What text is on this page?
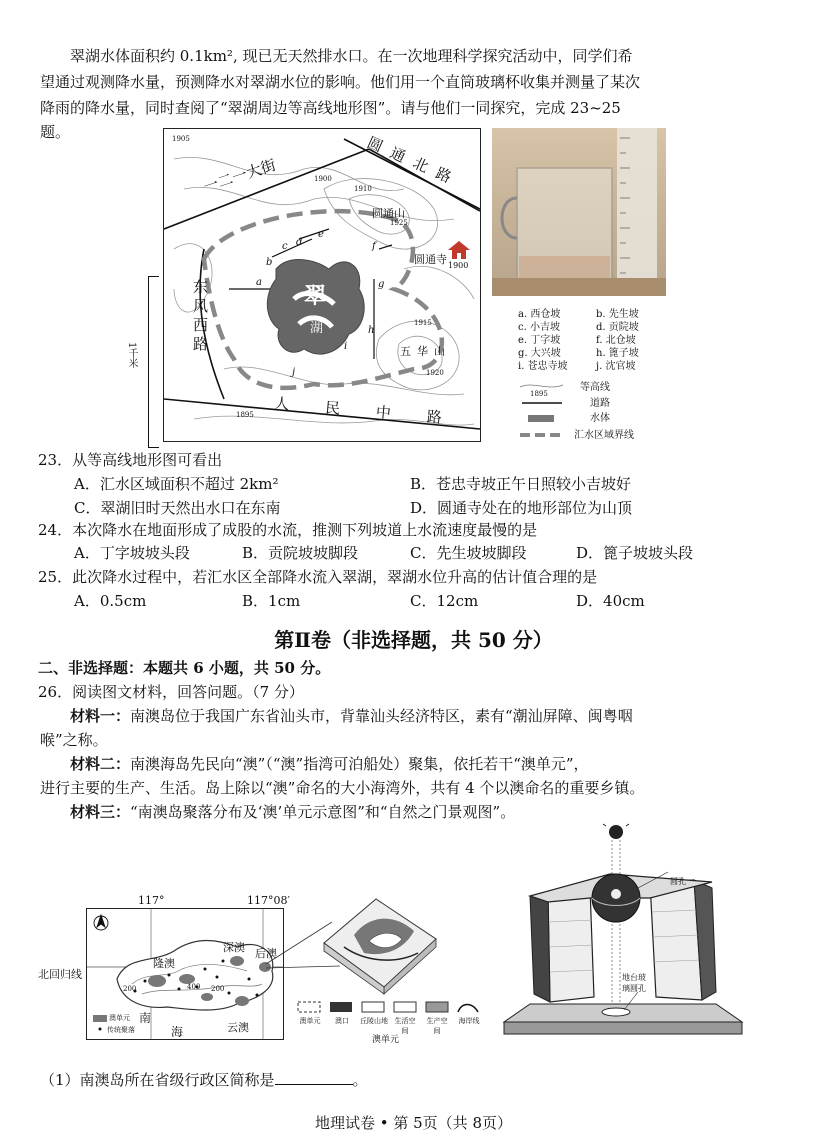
翠湖水体面积约 0.1km², 现已无天然排水口。在一次地理科学探究活动中，同学们希
望通过观测降水量，预测降水对翠湖水位的影响。他们用一个直筒玻璃杯收集并测量了某次
降雨的降水量，同时查阅了“翠湖周边等高线地形图”。请与他们一同探究，完成 23~25
题。
一二一大街	圆通北路
东风西路
人民中路
圆通山
五华山
圆通寺 1900
翠
湖
1905
1900
1910
1915
1925
1920
1895
a
b
c d
e
f
g
h
i
j
1千米
a. 西仓坡	b. 先生坡
c. 小吉坡	d. 贡院坡
e. 丁字坡	f. 北仓坡
g. 大兴坡	h. 篦子坡
i. 苍忠寺坡	j. 沈官坡
1895
等高线
道路
水体
汇水区域界线
23．从等高线地形图可看出
A．汇水区域面积不超过 2km²	B．苍忠寺坡正午日照较小吉坡好
C．翠湖旧时天然出水口在东南	D．圆通寺处在的地形部位为山顶
24．本次降水在地面形成了成股的水流，推测下列坡道上水流速度最慢的是
A．丁字坡坡头段	B．贡院坡坡脚段	C．先生坡坡脚段	D．篦子坡坡头段
25．此次降水过程中，若汇水区全部降水流入翠湖，翠湖水位升高的估计值合理的是
A．0.5cm	B．1cm	C．12cm	D．40cm
第Ⅱ卷（非选择题，共 50 分）
二、非选择题：本题共 6 小题，共 50 分。
26．阅读图文材料，回答问题。（7 分）
材料一：南澳岛位于我国广东省汕头市，背靠汕头经济特区，素有“潮汕屏障、闽粤咽
喉”之称。
材料二：南澳海岛先民向“澳”（“澳”指湾可泊船处）聚集，依托若干“澳单元”，
进行主要的生产、生活。岛上除以“澳”命名的大小海湾外，共有 4 个以澳命名的重要乡镇。
材料三：“南澳岛聚落分布及‘澳’单元示意图”和“自然之门景观图”。
117°	117°08′
北回归线
隆澳
深澳 后澳
云澳
南
海
200	400 200
澳单元
传统聚落
澳单元	澳口	丘陵山地 生活空间
生产空间
海岸线
澳单元
圆孔
地台玻璃圆孔
（1）南澳岛所在省级行政区简称是	。
地理试卷 • 第 5页（共 8页）
